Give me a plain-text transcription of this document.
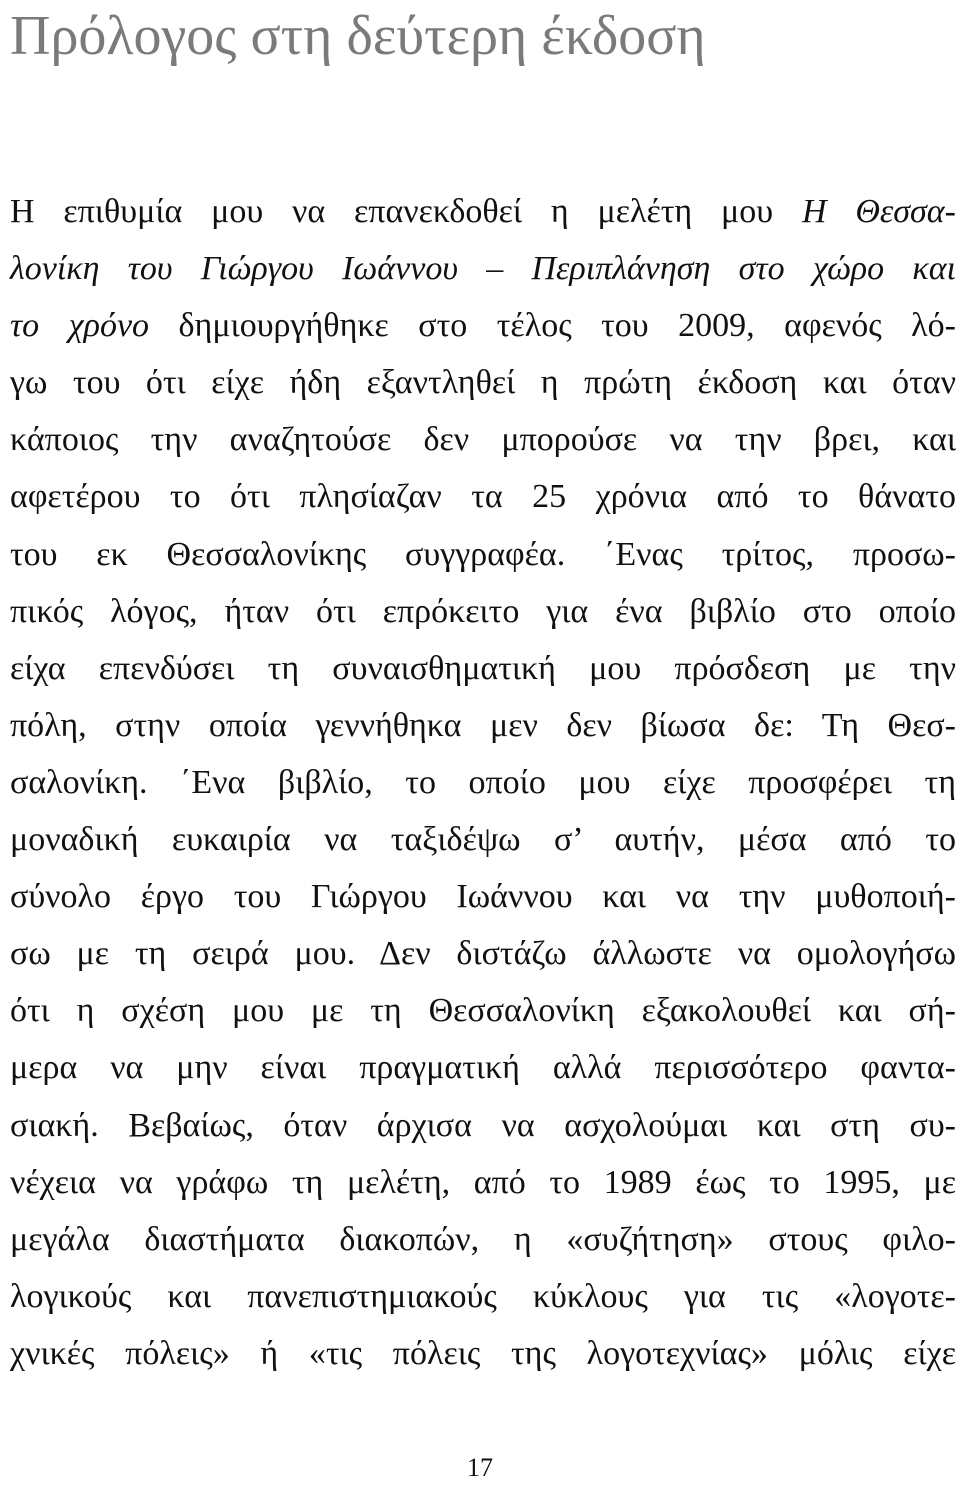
Πρόλογος στη δεύτερη έκδοση
Η επιθυμία μου να επανεκδοθεί η μελέτη μου Η Θεσσα-
λονίκη του Γιώργου Ιωάννου – Περιπλάνηση στο χώρο και
το χρόνο δημιουργήθηκε στο τέλος του 2009, αφενός λό-
γω του ότι είχε ήδη εξαντληθεί η πρώτη έκδοση και όταν
κάποιος την αναζητούσε δεν μπορούσε να την βρει, και
αφετέρου το ότι πλησίαζαν τα 25 χρόνια από το θάνατο
του εκ Θεσσαλονίκης συγγραφέα. ΄Ενας τρίτος, προσω-
πικός λόγος, ήταν ότι επρόκειτο για ένα βιβλίο στο οποίο
είχα επενδύσει τη συναισθηματική μου πρόσδεση με την
πόλη, στην οποία γεννήθηκα μεν δεν βίωσα δε: Τη Θεσ-
σαλονίκη. ΄Ενα βιβλίο, το οποίο μου είχε προσφέρει τη
μοναδική ευκαιρία να ταξιδέψω σ’ αυτήν, μέσα από το
σύνολο έργο του Γιώργου Ιωάννου και να την μυθοποιή-
σω με τη σειρά μου. Δεν διστάζω άλλωστε να ομολογήσω
ότι η σχέση μου με τη Θεσσαλονίκη εξακολουθεί και σή-
μερα να μην είναι πραγματική αλλά περισσότερο φαντα-
σιακή. Βεβαίως, όταν άρχισα να ασχολούμαι και στη συ-
νέχεια να γράφω τη μελέτη, από το 1989 έως το 1995, με
μεγάλα διαστήματα διακοπών, η «συζήτηση» στους φιλο-
λογικούς και πανεπιστημιακούς κύκλους για τις «λογοτε-
χνικές πόλεις» ή «τις πόλεις της λογοτεχνίας» μόλις είχε
17
